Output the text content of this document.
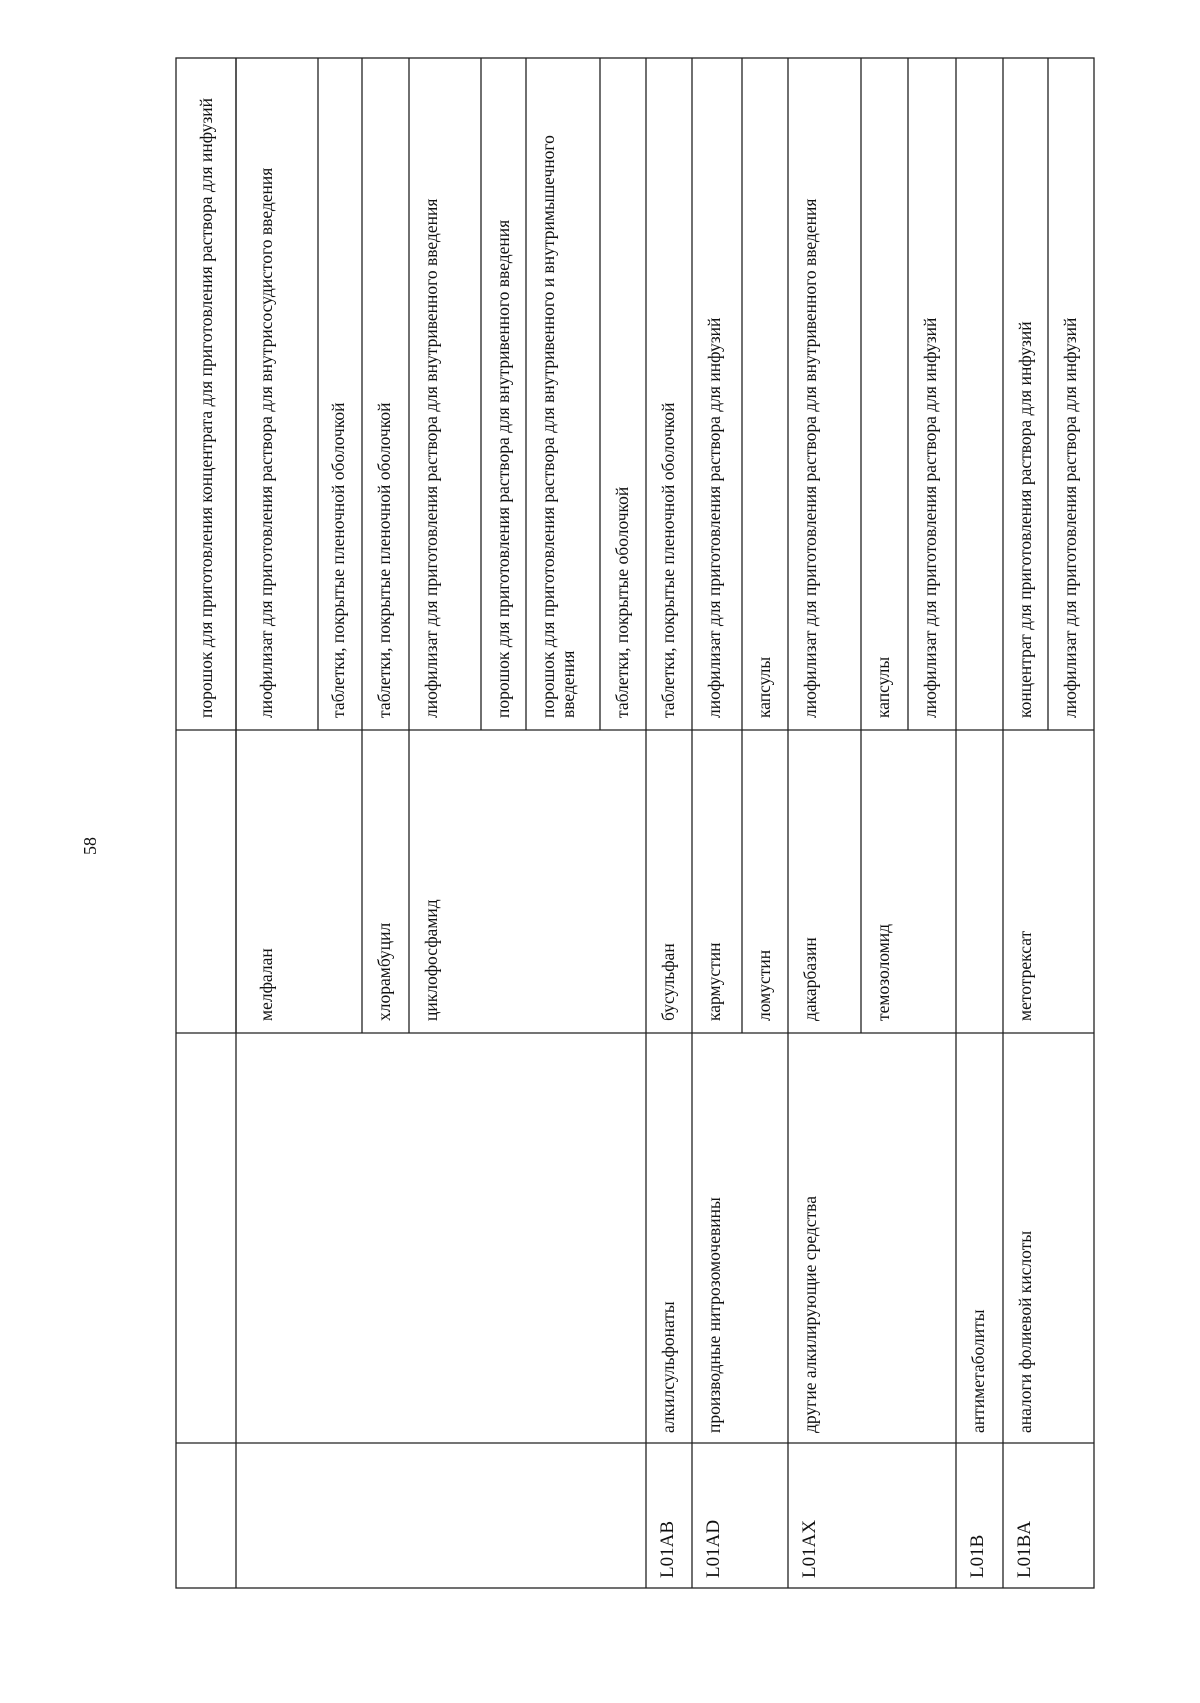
58
порошок для приготовления концентрата для приготовления раствора для инфузий
мелфалан
лиофилизат для приготовления раствора для внутрисосудистого введения	таблетки, покрытые пленочной оболочкой
хлорамбуцил
таблетки, покрытые пленочной оболочкой
циклофосфамид
лиофилизат для приготовления раствора для внутривенного введения	порошок для приготовления раствора для внутривенного введения порошок для приготовления раствора для внутривенного и внутримышечного введения таблетки, покрытые оболочкой
L01AB
алкилсульфонаты
бусульфан
таблетки, покрытые пленочной оболочкой
L01AD
производные нитрозомочевины
кармустин
лиофилизат для приготовления раствора для инфузий
ломустин
капсулы
L01AX
другие алкилирующие средства
дакарбазин
лиофилизат для приготовления раствора для внутривенного введения
темозоломид
капсулы лиофилизат для приготовления раствора для инфузий
L01B
антиметаболиты
L01BA
аналоги фолиевой кислоты
метотрексат
концентрат для приготовления раствора для инфузий лиофилизат для приготовления раствора для инфузий
